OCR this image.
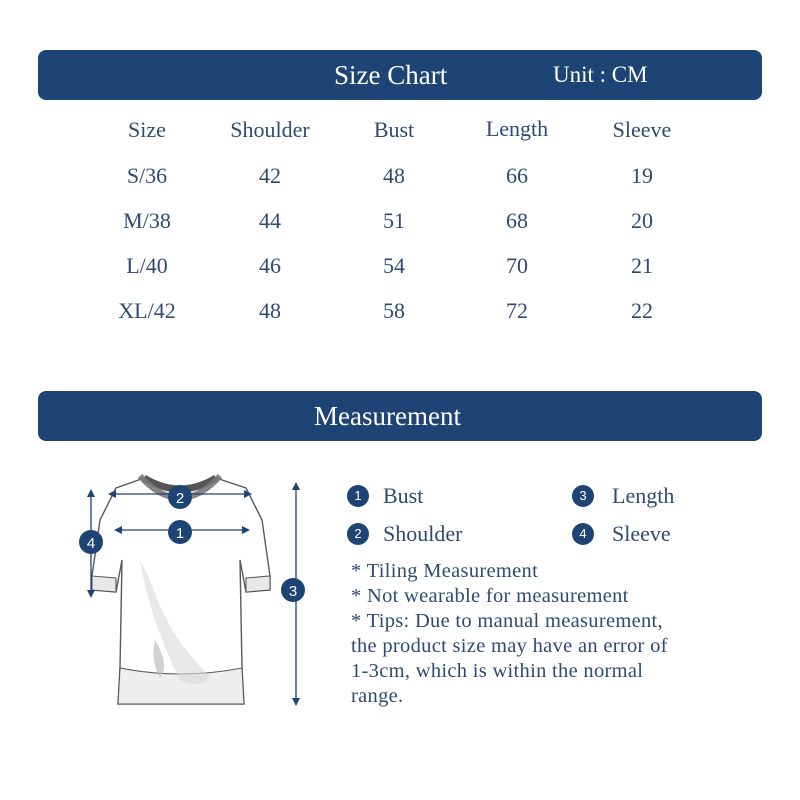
Size Chart	Unit : CM
Size	Shoulder	Bust	Length	Sleeve
S/36	42	48	66	19
M/38	44	51	68	20
L/40	46	54	70	21
XL/42	48	58	72	22
Measurement
2
1
4
3
1 Bust	3	Length
2 Shoulder	4	Sleeve
* Tiling Measurement
* Not wearable for measurement
* Tips: Due to manual measurement,
the product size may have an error of
1-3cm, which is within the normal
range.
